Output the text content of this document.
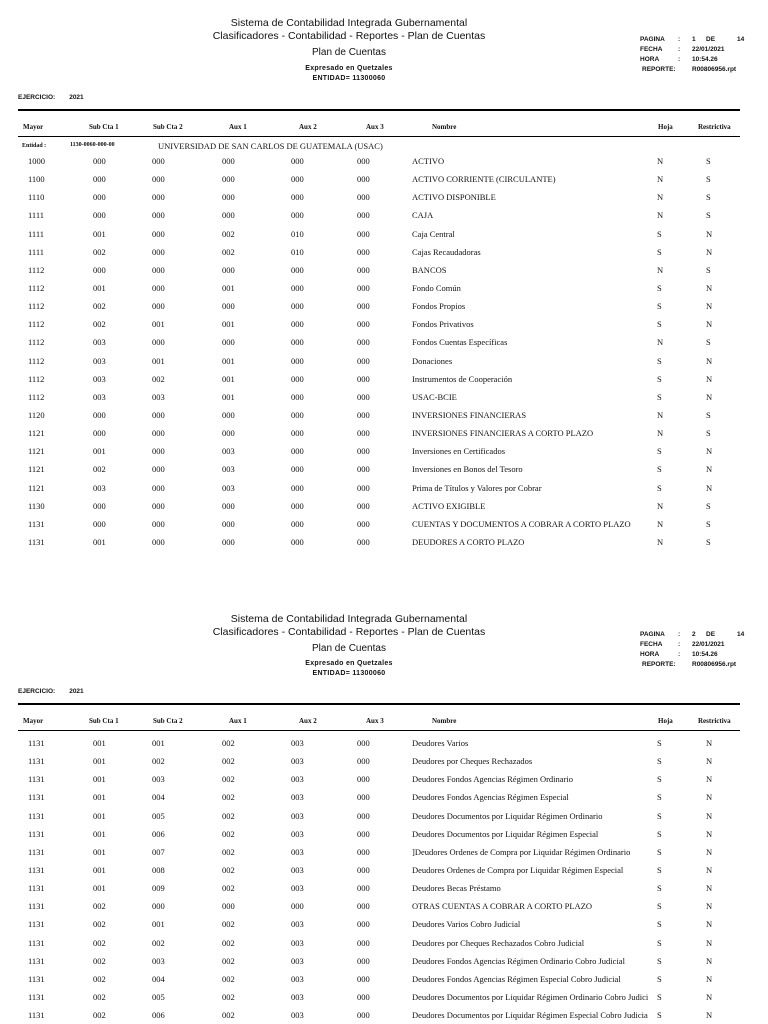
Sistema de Contabilidad Integrada Gubernamental
Clasificadores - Contabilidad - Reportes - Plan de Cuentas
Plan de Cuentas
Expresado en Quetzales
ENTIDAD= 11300060
PAGINA : 1 DE	14
FECHA : 22/01/2021
HORA	: 10:54.26
REPORTE:	R00806956.rpt
EJERCICIO: 2021
Mayor	Sub Cta 1	Sub Cta 2	Aux 1	Aux 2	Aux 3	Nombre	Hoja	Restrictiva
Entidad :	1130-0060-000-00	UNIVERSIDAD DE SAN CARLOS DE GUATEMALA (USAC)
1000	000	000	000	000	000	ACTIVO	N	S
1100	000	000	000	000	000	ACTIVO CORRIENTE (CIRCULANTE)	N	S
1110	000	000	000	000	000	ACTIVO DISPONIBLE	N	S
1111	000	000	000	000	000	CAJA	N	S
1111	001	000	002	010	000	Caja Central	S	N
1111	002	000	002	010	000	Cajas Recaudadoras	S	N
1112	000	000	000	000	000	BANCOS	N	S
1112	001	000	001	000	000	Fondo Común	S	N
1112	002	000	000	000	000	Fondos Propios	S	N
1112	002	001	001	000	000	Fondos Privativos	S	N
1112	003	000	000	000	000	Fondos Cuentas Específicas	N	S
1112	003	001	001	000	000	Donaciones	S	N
1112	003	002	001	000	000	Instrumentos de Cooperación	S	N
1112	003	003	001	000	000	USAC-BCIE	S	N
1120	000	000	000	000	000	INVERSIONES FINANCIERAS	N	S
1121	000	000	000	000	000	INVERSIONES FINANCIERAS A CORTO PLAZO	N	S
1121	001	000	003	000	000	Inversiones en Certificados	S	N
1121	002	000	003	000	000	Inversiones en Bonos del Tesoro	S	N
1121	003	000	003	000	000	Prima de Títulos y Valores por Cobrar	S	N
1130	000	000	000	000	000	ACTIVO EXIGIBLE	N	S
1131	000	000	000	000	000	CUENTAS Y DOCUMENTOS A COBRAR A CORTO PLAZO	N	S
1131	001	000	000	000	000	DEUDORES A CORTO PLAZO	N	S
Sistema de Contabilidad Integrada Gubernamental
Clasificadores - Contabilidad - Reportes - Plan de Cuentas
Plan de Cuentas
Expresado en Quetzales
ENTIDAD= 11300060
PAGINA : 2 DE	14
FECHA : 22/01/2021
HORA	: 10:54.26
REPORTE:	R00806956.rpt
EJERCICIO: 2021
Mayor	Sub Cta 1	Sub Cta 2	Aux 1	Aux 2	Aux 3	Nombre	Hoja	Restrictiva
1131	001	001	002	003	000	Deudores Varios	S	N
1131	001	002	002	003	000	Deudores por Cheques Rechazados	S	N
1131	001	003	002	003	000	Deudores Fondos Agencias Régimen Ordinario	S	N
1131	001	004	002	003	000	Deudores Fondos Agencias Régimen Especial	S	N
1131	001	005	002	003	000	Deudores Documentos por Liquidar Régimen Ordinario	S	N
1131	001	006	002	003	000	Deudores Documentos por Liquidar Régimen Especial	S	N
1131	001	007	002	003	000	]Deudores Ordenes de Compra por Liquidar Régimen Ordinario	S	N
1131	001	008	002	003	000	Deudores Ordenes de Compra por Liquidar Régimen Especial	S	N
1131	001	009	002	003	000	Deudores Becas Préstamo	S	N
1131	002	000	000	000	000	OTRAS CUENTAS A COBRAR A CORTO PLAZO	S	N
1131	002	001	002	003	000	Deudores Varios Cobro Judicial	S	N
1131	002	002	002	003	000	Deudores por Cheques Rechazados Cobro Judicial	S	N
1131	002	003	002	003	000	Deudores Fondos Agencias Régimen Ordinario Cobro Judicial	S	N
1131	002	004	002	003	000	Deudores Fondos Agencias Régimen Especial Cobro Judicial	S	N
1131	002	005	002	003	000	Deudores Documentos por Liquidar Régimen Ordinario Cobro Judici	S	N
1131	002	006	002	003	000	Deudores Documentos por Liquidar Régimen Especial Cobro Judicia	S	N
